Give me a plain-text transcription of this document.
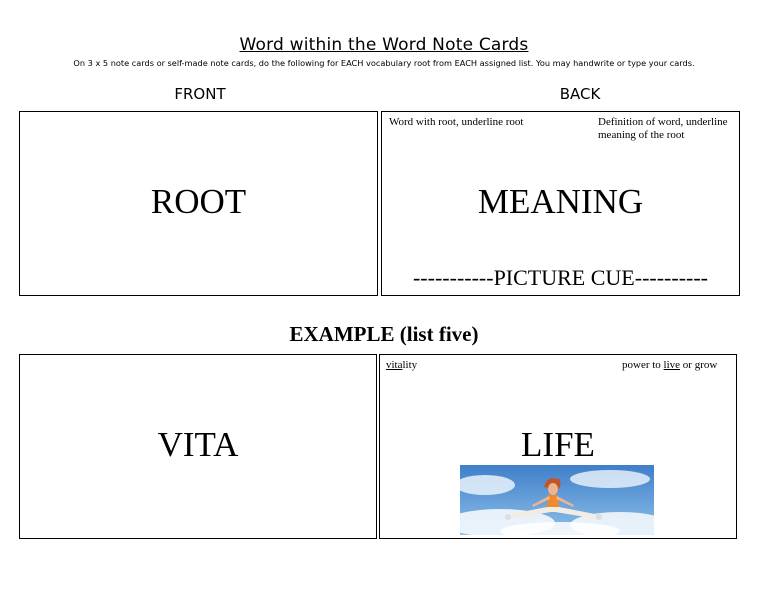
Word within the Word Note Cards
On 3 x 5 note cards or self-made note cards, do the following for EACH vocabulary root from EACH assigned list. You may handwrite or type your cards.
FRONT	BACK
ROOT
Word with root, underline root	Definition of word, underline meaning of the root
MEANING
-----------PICTURE CUE----------
EXAMPLE (list five)
VITA
vitality	power to live or grow
LIFE
